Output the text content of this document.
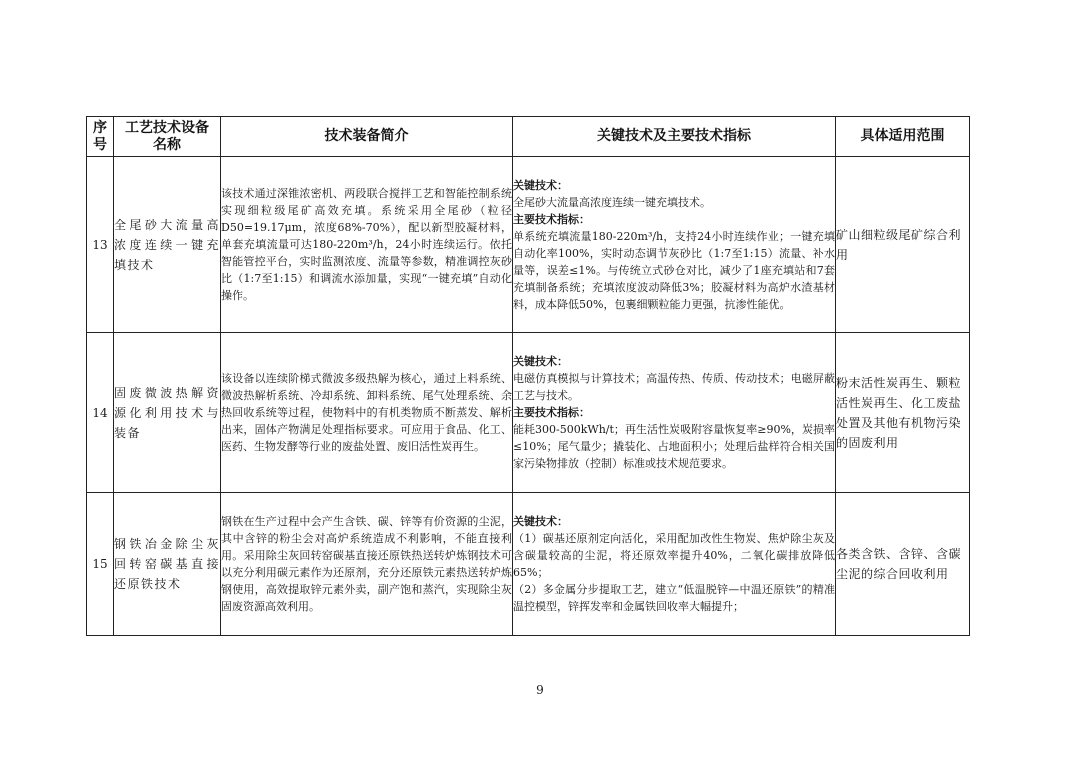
序号	工艺技术设备名称	技术装备简介	关键技术及主要技术指标	具体适用范围
13	全尾砂大流量高浓度连续一键充填技术	该技术通过深锥浓密机、两段联合搅拌工艺和智能控制系统实现细粒级尾矿高效充填。系统采用全尾砂（粒径D50=19.17μm，浓度68%-70%），配以新型胶凝材料，单套充填流量可达180-220m³/h，24小时连续运行。依托智能管控平台，实时监测浓度、流量等参数，精准调控灰砂比（1:7至1:15）和调流水添加量，实现“一键充填”自动化操作。	关键技术：
全尾砂大流量高浓度连续一键充填技术。
主要技术指标：
单系统充填流量180-220m³/h，支持24小时连续作业；一键充填自动化率100%，实时动态调节灰砂比（1:7至1:15）流量、补水量等，误差≤1%。与传统立式砂仓对比，减少了1座充填站和7套充填制备系统；充填浓度波动降低3%；胶凝材料为高炉水渣基材料，成本降低50%，包裹细颗粒能力更强，抗渗性能优。	矿山细粒级尾矿综合利用
14	固废微波热解资源化利用技术与装备	该设备以连续阶梯式微波多级热解为核心，通过上料系统、微波热解析系统、冷却系统、卸料系统、尾气处理系统、余热回收系统等过程，使物料中的有机类物质不断蒸发、解析出来，固体产物满足处理指标要求。可应用于食品、化工、医药、生物发酵等行业的废盐处置、废旧活性炭再生。	关键技术：
电磁仿真模拟与计算技术；高温传热、传质、传动技术；电磁屏蔽工艺与技术。
主要技术指标：
能耗300-500kWh/t；再生活性炭吸附容量恢复率≥90%，炭损率≤10%；尾气量少；撬装化、占地面积小；处理后盐样符合相关国家污染物排放（控制）标准或技术规范要求。	粉末活性炭再生、颗粒活性炭再生、化工废盐处置及其他有机物污染的固废利用
15	钢铁冶金除尘灰回转窑碳基直接还原铁技术	钢铁在生产过程中会产生含铁、碳、锌等有价资源的尘泥，其中含锌的粉尘会对高炉系统造成不利影响，不能直接利用。采用除尘灰回转窑碳基直接还原铁热送转炉炼钢技术可以充分利用碳元素作为还原剂，充分还原铁元素热送转炉炼钢使用，高效提取锌元素外卖，副产饱和蒸汽，实现除尘灰固废资源高效利用。	关键技术：
（1）碳基还原剂定向活化，采用配加改性生物炭、焦炉除尘灰及含碳量较高的尘泥，将还原效率提升40%，二氧化碳排放降低65%；
（2）多金属分步提取工艺，建立“低温脱锌—中温还原铁”的精准温控模型，锌挥发率和金属铁回收率大幅提升；	各类含铁、含锌、含碳尘泥的综合回收利用
9
